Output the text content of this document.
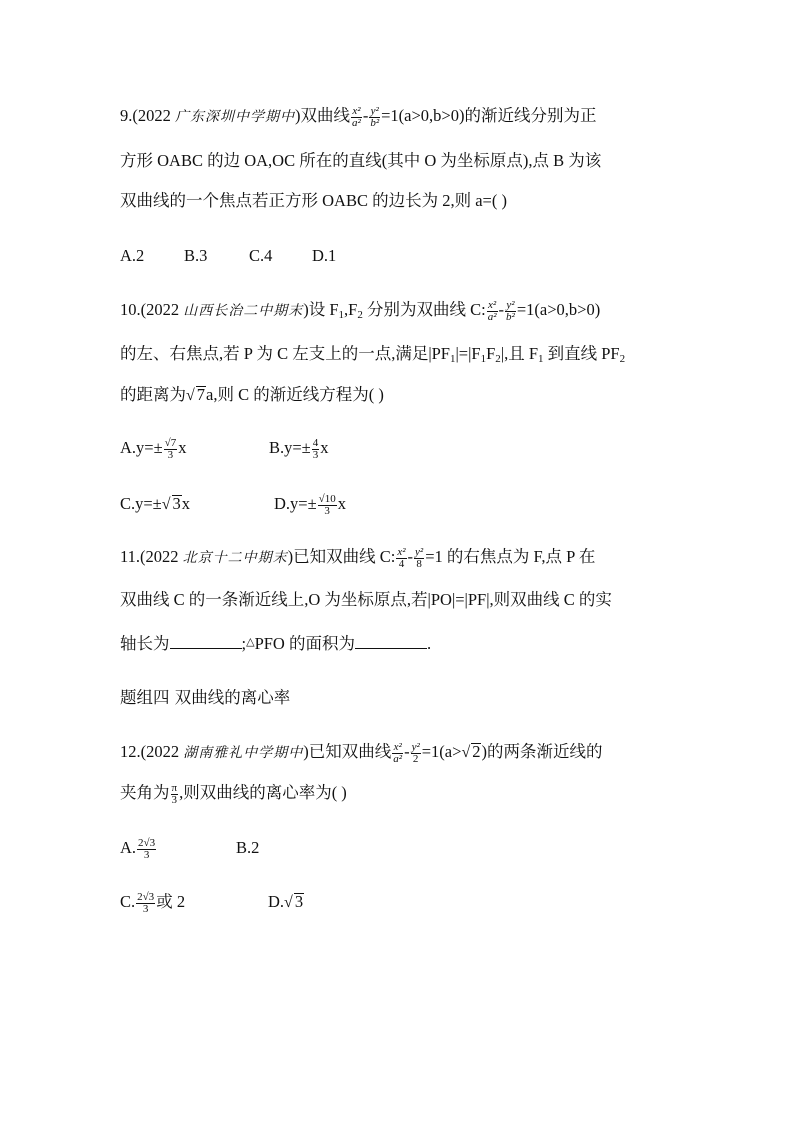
9.(2022 广东深圳中学期中)双曲线 $\frac{\text{x²}}{\text{a²}} - \frac{\text{y²}}{\text{b²}} =1(a>0,b>0)$的渐近线分别为正
方形 OABC 的边 OA,OC 所在的直线(其中 O 为坐标原点),点 B 为该
双曲线的一个焦点若正方形 OABC 的边长为 2,则 a=( )
A.2 B.3	C.4 D.1
10.(2022 山西长治二中期末)设 $F_1,F_2$ 分别为双曲线 C: $\frac{\text{x²}}{\text{a²}} - \frac{\text{y²}}{\text{b²}} =1(a>0,b>0)$
的左、右焦点,若 P 为 C 左支上的一点,满足$|PF_1|=|F_1F_2|$,且 $F_1$ 到直线 $PF_2$
的距离为√ 7a,则 C 的渐近线方程为( )
$A.y=\pm \frac{√7}{3}$ x	$B.y=\pm \frac{4}{3}$ x
C.y=±√ 3x	$D.y=\pm \frac{√10}{3}$ x
11.(2022 北京十二中期末)已知双曲线 C: $\frac{\text{x²}}{4} - \frac{\text{y²}}{8} =1$ 的右焦点为 F,点 P 在
双曲线 C 的一条渐近线上,O 为坐标原点,若|PO|=|PF|,则双曲线 C 的实
轴长为	;△PFO 的面积为	.
题组四 双曲线的离心率
12.(2022 湖南雅礼中学期中)已知双曲线 $\frac{\text{x²}}{\text{a²}} - \frac{\text{y²}}{2} =1(a>√$ 2)的两条渐近线的
夹角为 $\frac{\pi}{3}$ ,则双曲线的离心率为( )
A. $\frac{2√3}{3}$	B.2
C. $\frac{2√3}{3}$ 或 2	D.√ 3
